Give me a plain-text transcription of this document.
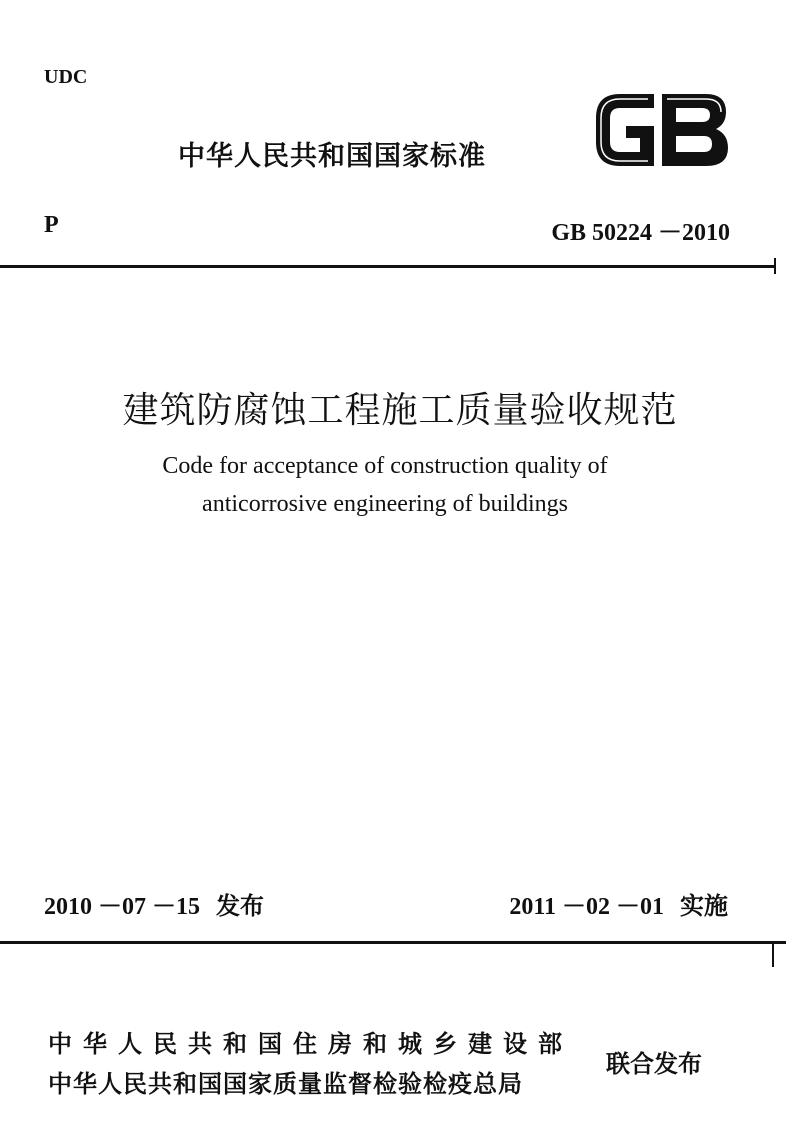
UDC
中华人民共和国国家标准
P	GB 50224 －2010
建筑防腐蚀工程施工质量验收规范
Code for acceptance of construction quality of
anticorrosive engineering of buildings
2010 －07 －15 发布	2011 －02 －01 实施
中华人民共和国住房和城乡建设部
中华人民共和国国家质量监督检验检疫总局
联合发布
